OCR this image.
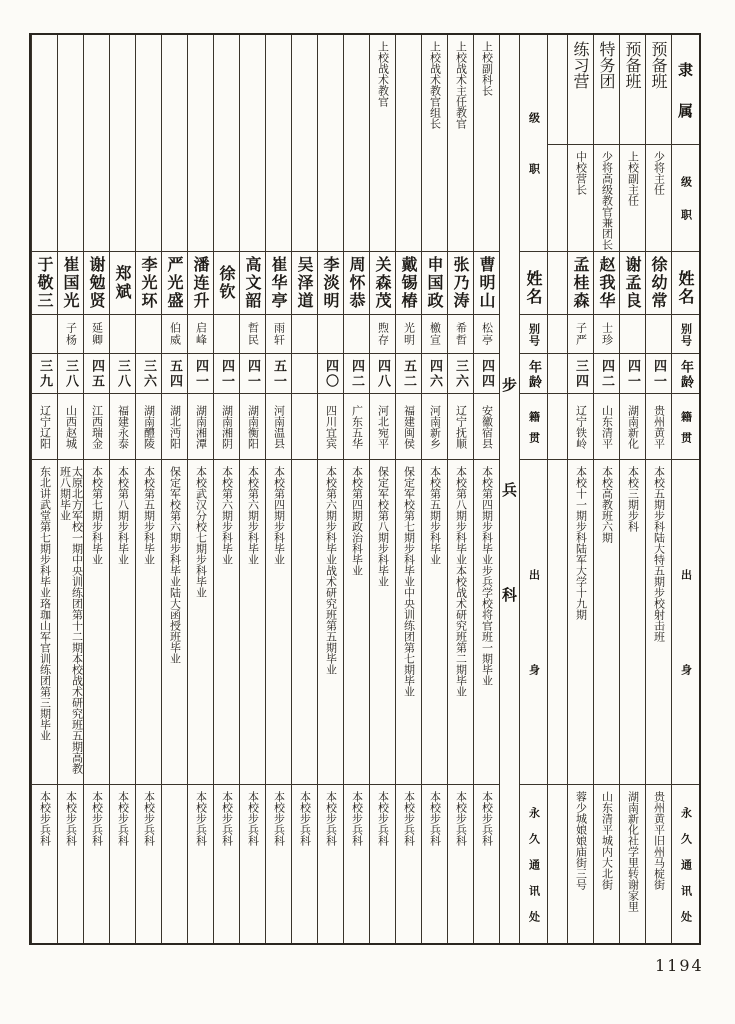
隶属
级职
姓名
别号
年龄
籍贯
出身
永久通讯处
预备班
少将主任
徐幼常
四一
贵州黄平
本校五期步科陆大特五期步校射击班
贵州黄平旧州马椗街
预备班
上校副主任
谢孟良
四一
湖南新化
本校三期步科
湖南新化社学里转谢家里
特务团
少将高级教官兼团长
赵我华
士珍
四二
山东清平
本校高教班六期
山东清平城内大北街
练习营
中校营长
孟桂森
子严
三四
辽宁铁岭
本校十一期步科陆军大学十九期
蓉少城娘娘庙街三号
级职
姓名
别号
年龄
籍贯
出身
永久通讯处
步兵科
上校副科长
曹明山
松亭
四四
安徽宿县
本校第四期步科毕业步兵学校将官班一期毕业
本校步兵科
上校战术主任教官
张乃涛
希哲
三六
辽宁抚顺
本校第八期步科毕业本校战术研究班第二期毕业
本校步兵科
上校战术教官组长
申国政
檄宣
四六
河南新乡
本校第五期步科毕业
本校步兵科
戴锡椿
光明
五二
福建闽侯
保定军校第七期步科毕业中央训练团第七期毕业
本校步兵科
上校战术教官
关森茂
煦存
四八
河北宛平
保定军校第八期步科毕业
本校步兵科
周怀恭
四二
广东五华
本校第四期政治科毕业
本校步兵科
李淡明
四〇
四川宜宾
本校第六期步科毕业战术研究班第五期毕业
本校步兵科
吴泽道
本校步兵科
崔华亭
雨轩
五一
河南温县
本校第四期步科毕业
本校步兵科
高文韶
哲民
四一
湖南衡阳
本校第六期步科毕业
本校步兵科
徐钦
四一
湖南湘阴
本校第六期步科毕业
本校步兵科
潘连升
启峰
四一
湖南湘潭
本校武汉分校七期步科毕业
本校步兵科
严光盛
伯威
五四
湖北沔阳
保定军校第六期步科毕业陆大函授班毕业
李光环
三六
湖南醴陵
本校第五期步科毕业
本校步兵科
郑斌
三八
福建永泰
本校第八期步科毕业
本校步兵科
谢勉贤
延卿
四五
江西瑞金
本校第七期步科毕业
本校步兵科
崔国光
子杨
三八
山西赵城
太原北方军校一期中央训练团第十二期本校战术研究班五期高教班八期毕业
本校步兵科
于敬三
三九
辽宁辽阳
东北讲武堂第七期步科毕业珞珈山军官训练团第三期毕业
本校步兵科
1194
